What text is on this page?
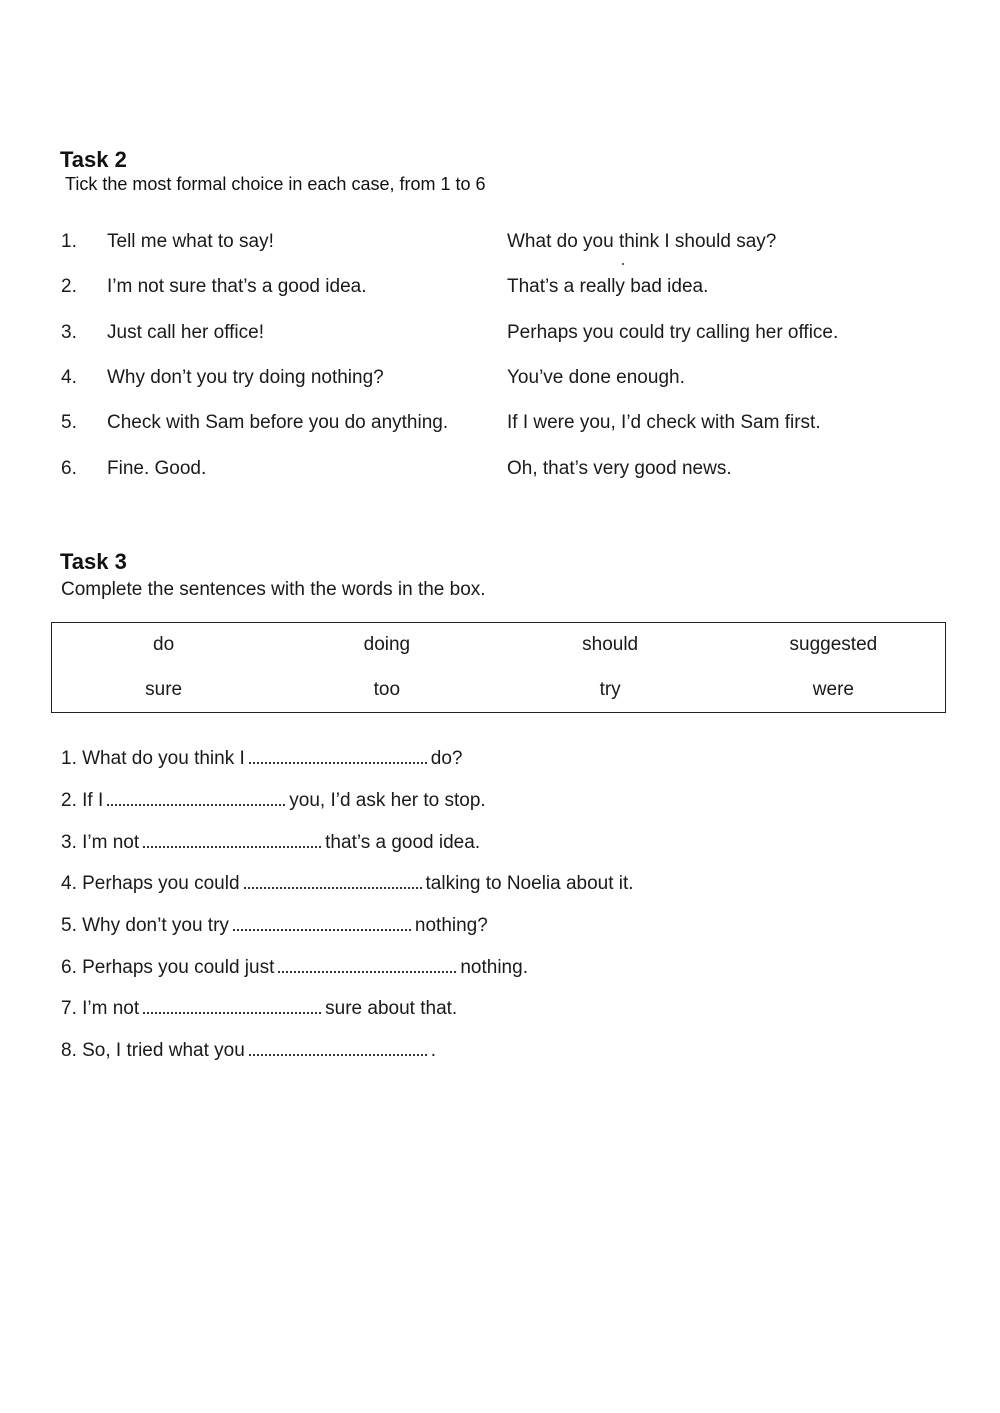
Task 2

Tick the most formal choice in each case, from 1 to 6

1. Tell me what to say!	What do you think I should say?
2. I’m not sure that’s a good idea.	That’s a really bad idea.
3. Just call her office!	Perhaps you could try calling her office.
4. Why don’t you try doing nothing?	You’ve done enough.
5. Check with Sam before you do anything.	If I were you, I’d check with Sam first.
6. Fine. Good.	Oh, that’s very good news.
Task 3

Complete the sentences with the words in the box.

do	doing	should	suggested
sure	too	try	were
1. What do you think I	do?
2. If I	you, I’d ask her to stop.
3. I’m not	that’s a good idea.
4. Perhaps you could	talking to Noelia about it.
5. Why don’t you try	nothing?
6. Perhaps you could just	nothing.
7. I’m not	sure about that.
8. So, I tried what you	.
